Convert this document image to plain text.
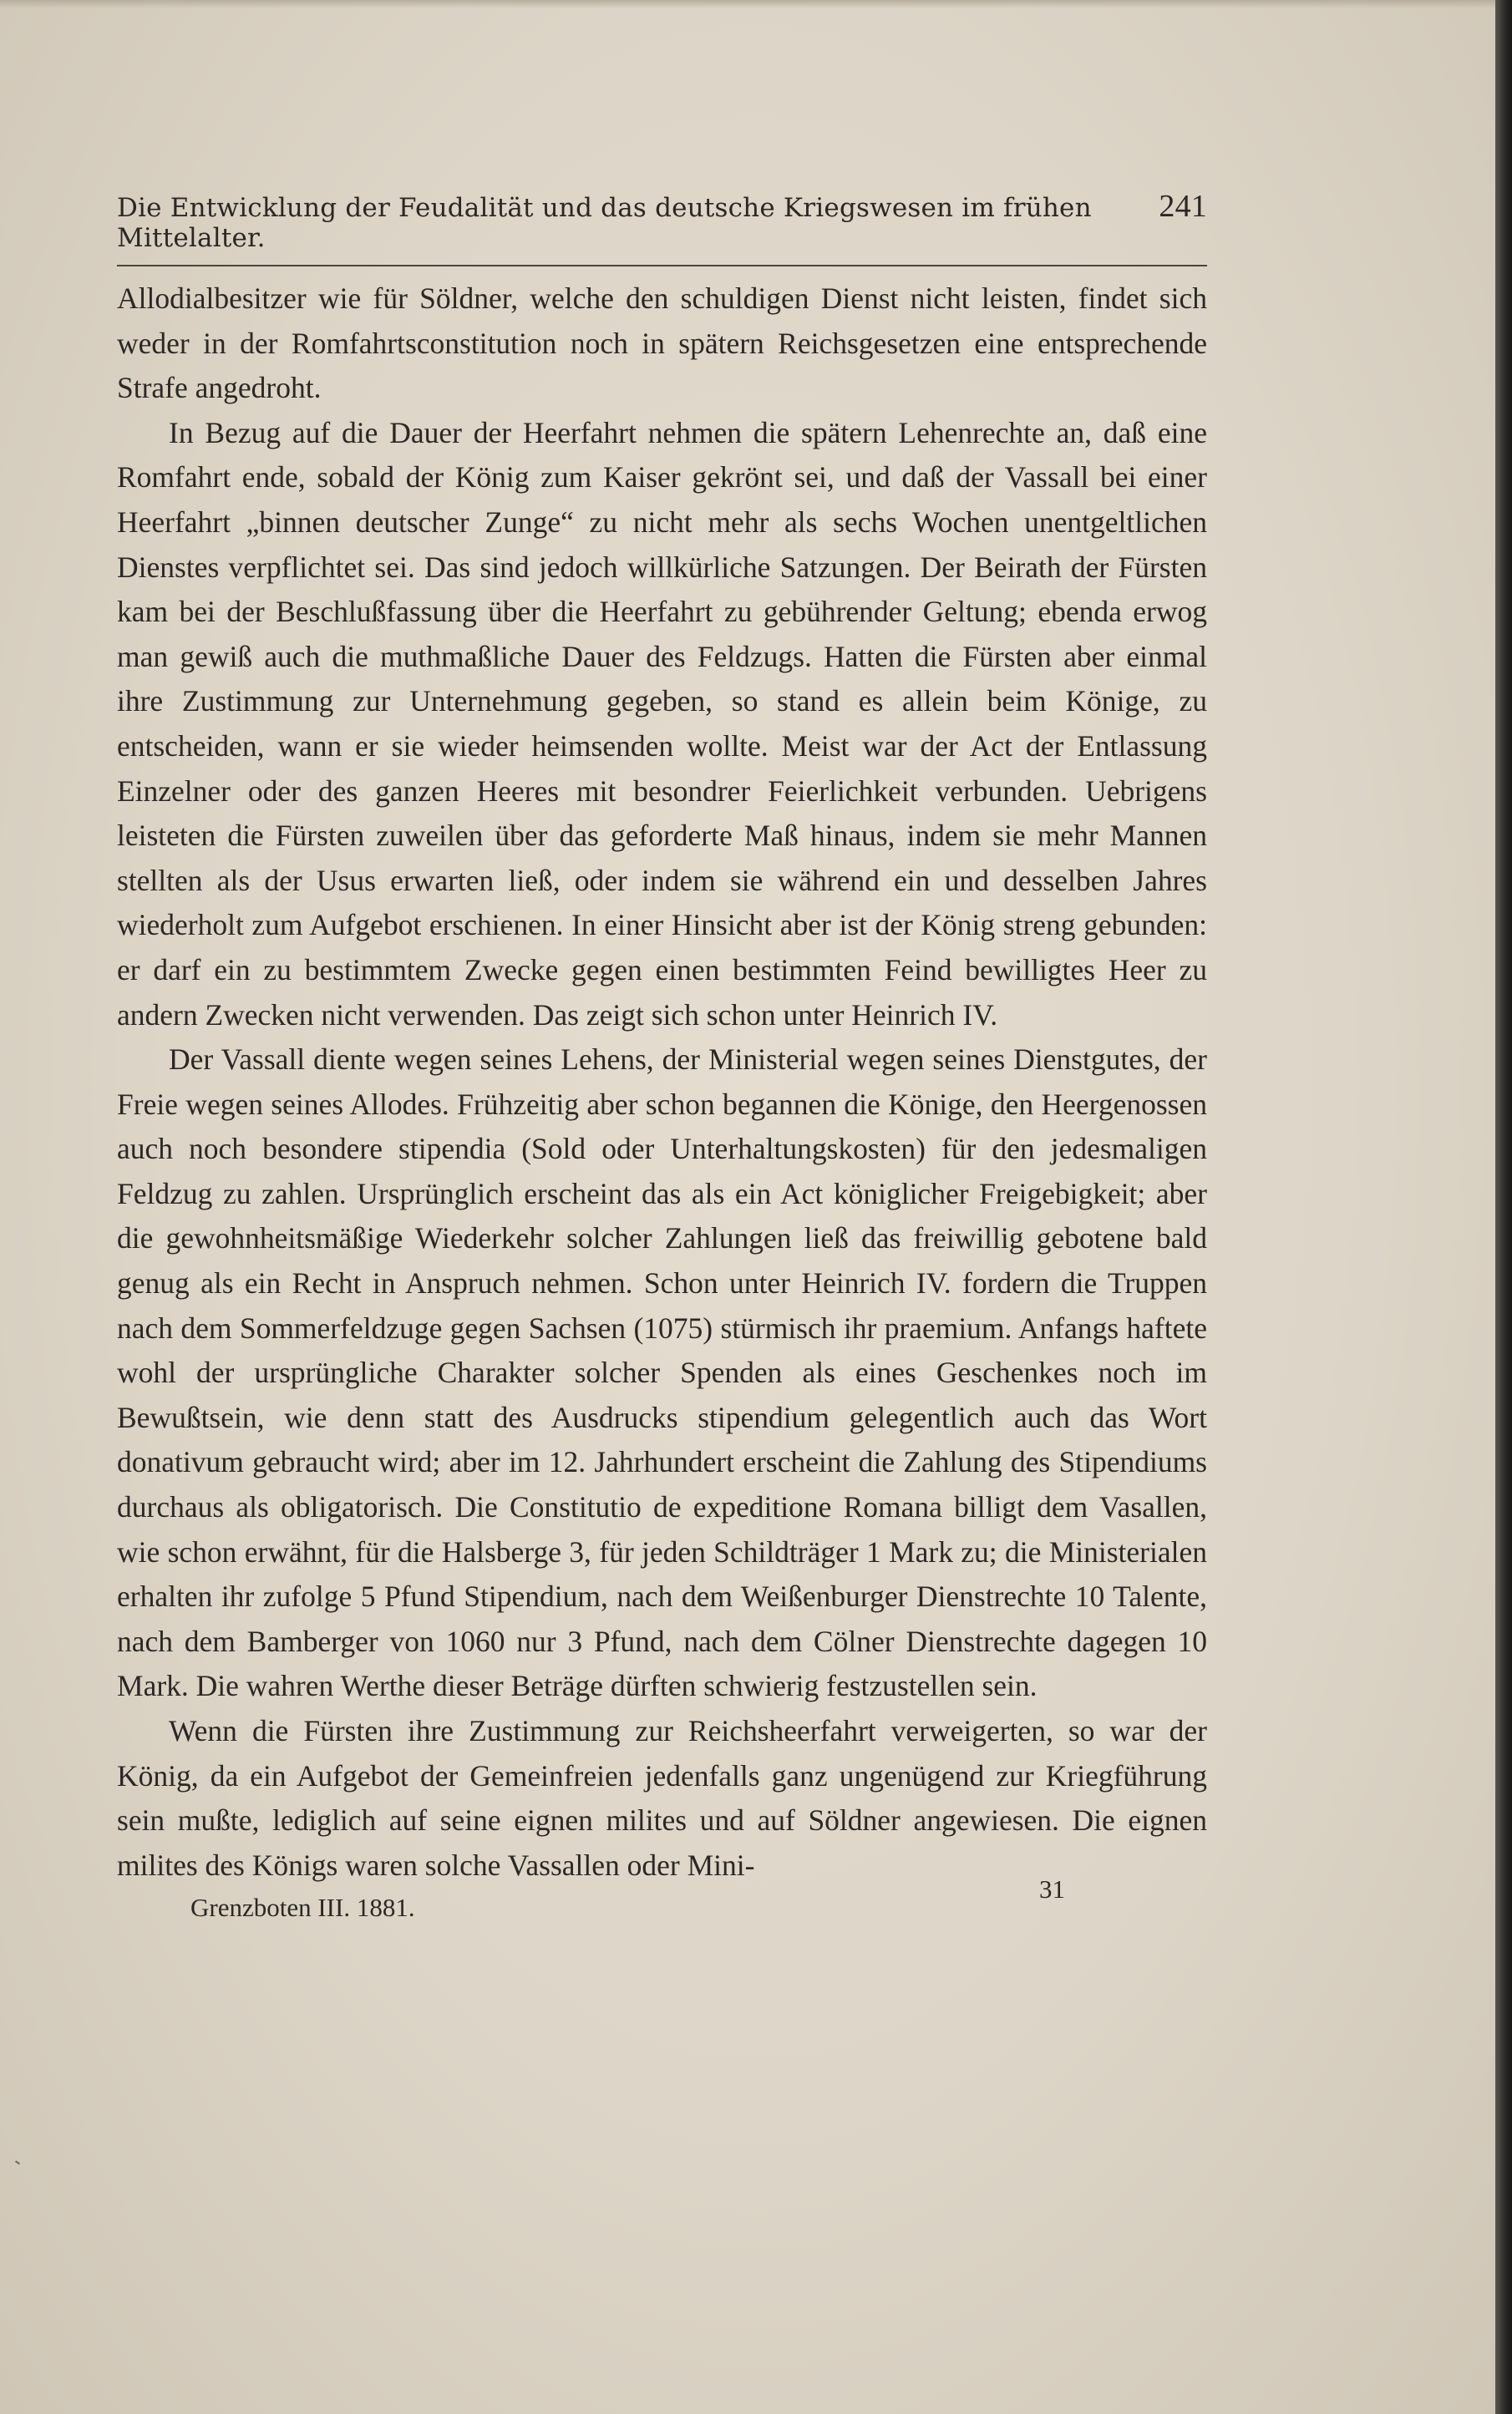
Die Entwicklung der Feudalität und das deutsche Kriegswesen im frühen Mittelalter.
241

Allodialbesitzer wie für Söldner, welche den schuldigen Dienst nicht leisten, findet sich weder in der Romfahrtsconstitution noch in spätern Reichsgesetzen eine entsprechende Strafe angedroht.

In Bezug auf die Dauer der Heerfahrt nehmen die spätern Lehenrechte an, daß eine Romfahrt ende, sobald der König zum Kaiser gekrönt sei, und daß der Vassall bei einer Heerfahrt „binnen deutscher Zunge“ zu nicht mehr als sechs Wochen unentgeltlichen Dienstes verpflichtet sei. Das sind jedoch willkürliche Satzungen. Der Beirath der Fürsten kam bei der Beschlußfassung über die Heerfahrt zu gebührender Geltung; ebenda erwog man gewiß auch die muthmaßliche Dauer des Feldzugs. Hatten die Fürsten aber einmal ihre Zustimmung zur Unternehmung gegeben, so stand es allein beim Könige, zu entscheiden, wann er sie wieder heimsenden wollte. Meist war der Act der Entlassung Einzelner oder des ganzen Heeres mit besondrer Feierlichkeit verbunden. Uebrigens leisteten die Fürsten zuweilen über das geforderte Maß hinaus, indem sie mehr Mannen stellten als der Usus erwarten ließ, oder indem sie während ein und desselben Jahres wiederholt zum Aufgebot erschienen. In einer Hinsicht aber ist der König streng gebunden: er darf ein zu bestimmtem Zwecke gegen einen bestimmten Feind bewilligtes Heer zu andern Zwecken nicht verwenden. Das zeigt sich schon unter Heinrich IV.

Der Vassall diente wegen seines Lehens, der Ministerial wegen seines Dienstgutes, der Freie wegen seines Allodes. Frühzeitig aber schon begannen die Könige, den Heergenossen auch noch besondere stipendia (Sold oder Unterhaltungskosten) für den jedesmaligen Feldzug zu zahlen. Ursprünglich erscheint das als ein Act königlicher Freigebigkeit; aber die gewohnheitsmäßige Wiederkehr solcher Zahlungen ließ das freiwillig gebotene bald genug als ein Recht in Anspruch nehmen. Schon unter Heinrich IV. fordern die Truppen nach dem Sommerfeldzuge gegen Sachsen (1075) stürmisch ihr praemium. Anfangs haftete wohl der ursprüngliche Charakter solcher Spenden als eines Geschenkes noch im Bewußtsein, wie denn statt des Ausdrucks stipendium gelegentlich auch das Wort donativum gebraucht wird; aber im 12. Jahrhundert erscheint die Zahlung des Stipendiums durchaus als obligatorisch. Die Constitutio de expeditione Romana billigt dem Vasallen, wie schon erwähnt, für die Halsberge 3, für jeden Schildträger 1 Mark zu; die Ministerialen erhalten ihr zufolge 5 Pfund Stipendium, nach dem Weißenburger Dienstrechte 10 Talente, nach dem Bamberger von 1060 nur 3 Pfund, nach dem Cölner Dienstrechte dagegen 10 Mark. Die wahren Werthe dieser Beträge dürften schwierig festzustellen sein.

Wenn die Fürsten ihre Zustimmung zur Reichsheerfahrt verweigerten, so war der König, da ein Aufgebot der Gemeinfreien jedenfalls ganz ungenügend zur Kriegführung sein mußte, lediglich auf seine eignen milites und auf Söldner angewiesen. Die eignen milites des Königs waren solche Vassallen oder Mini-

Grenzboten III. 1881.
31
